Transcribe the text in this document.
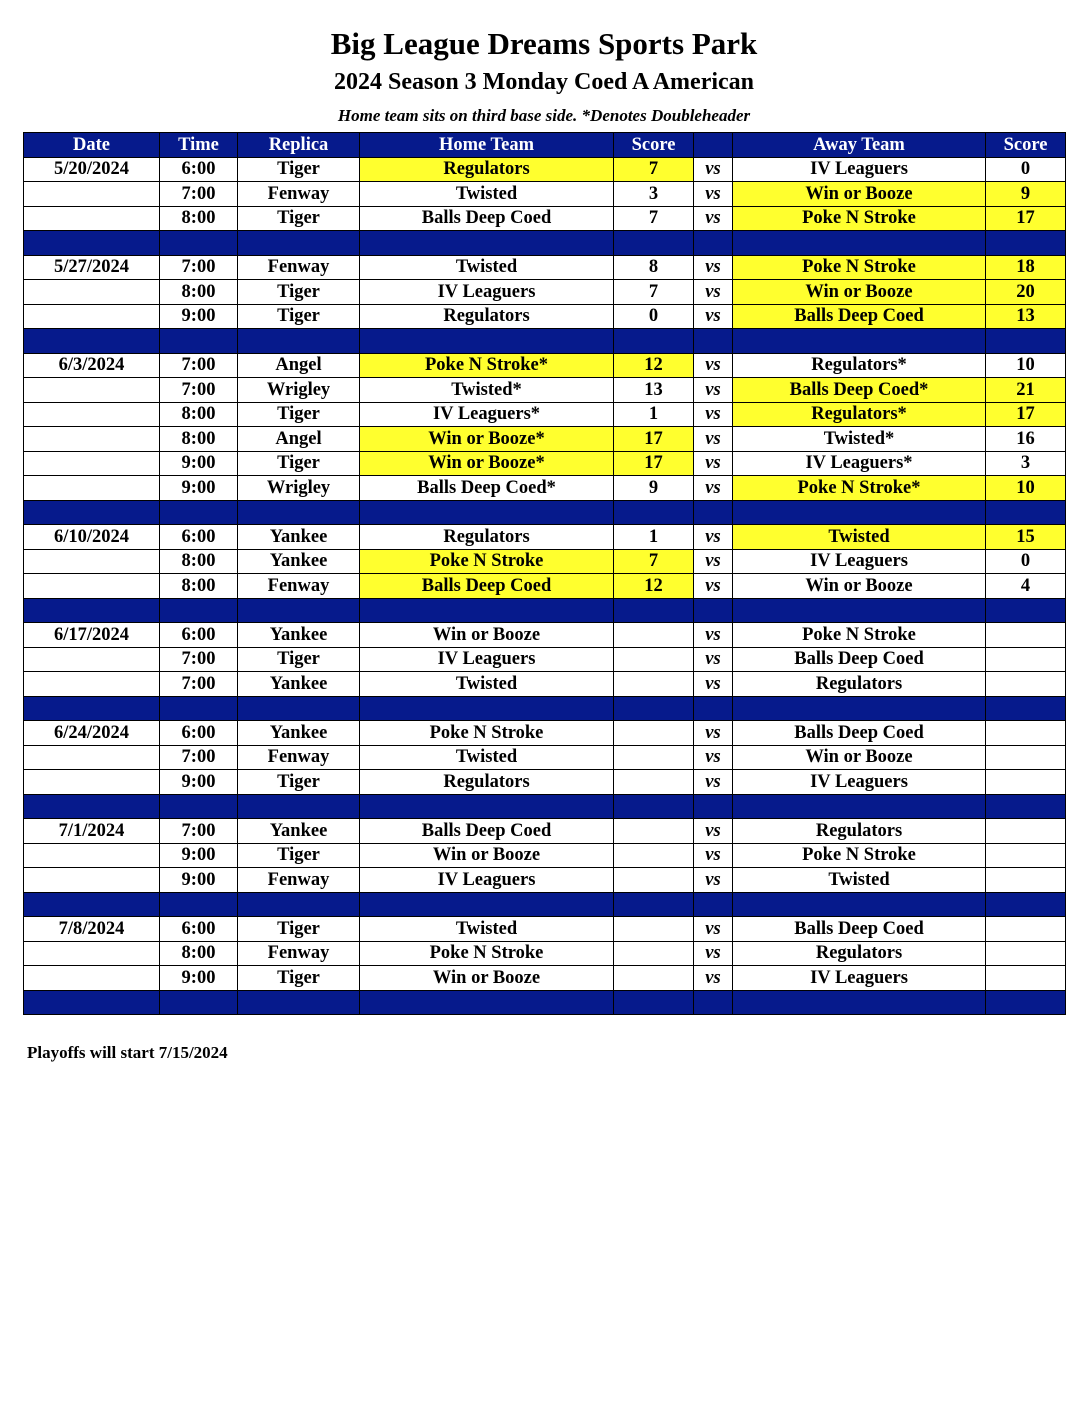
Big League Dreams Sports Park
2024 Season 3 Monday Coed A American
Home team sits on third base side. *Denotes Doubleheader
Date	Time	Replica	Home Team	Score		Away Team	Score
5/20/2024	6:00	Tiger	Regulators	7	vs	IV Leaguers	0
	7:00	Fenway	Twisted	3	vs	Win or Booze	9
	8:00	Tiger	Balls Deep Coed	7	vs	Poke N Stroke	17

5/27/2024	7:00	Fenway	Twisted	8	vs	Poke N Stroke	18
	8:00	Tiger	IV Leaguers	7	vs	Win or Booze	20
	9:00	Tiger	Regulators	0	vs	Balls Deep Coed	13

6/3/2024	7:00	Angel	Poke N Stroke*	12	vs	Regulators*	10
	7:00	Wrigley	Twisted*	13	vs	Balls Deep Coed*	21
	8:00	Tiger	IV Leaguers*	1	vs	Regulators*	17
	8:00	Angel	Win or Booze*	17	vs	Twisted*	16
	9:00	Tiger	Win or Booze*	17	vs	IV Leaguers*	3
	9:00	Wrigley	Balls Deep Coed*	9	vs	Poke N Stroke*	10

6/10/2024	6:00	Yankee	Regulators	1	vs	Twisted	15
	8:00	Yankee	Poke N Stroke	7	vs	IV Leaguers	0
	8:00	Fenway	Balls Deep Coed	12	vs	Win or Booze	4

6/17/2024	6:00	Yankee	Win or Booze		vs	Poke N Stroke	
	7:00	Tiger	IV Leaguers		vs	Balls Deep Coed	
	7:00	Yankee	Twisted		vs	Regulators	

6/24/2024	6:00	Yankee	Poke N Stroke		vs	Balls Deep Coed	
	7:00	Fenway	Twisted		vs	Win or Booze	
	9:00	Tiger	Regulators		vs	IV Leaguers	

7/1/2024	7:00	Yankee	Balls Deep Coed		vs	Regulators	
	9:00	Tiger	Win or Booze		vs	Poke N Stroke	
	9:00	Fenway	IV Leaguers		vs	Twisted	

7/8/2024	6:00	Tiger	Twisted		vs	Balls Deep Coed	
	8:00	Fenway	Poke N Stroke		vs	Regulators	
	9:00	Tiger	Win or Booze		vs	IV Leaguers	

Playoffs will start 7/15/2024
